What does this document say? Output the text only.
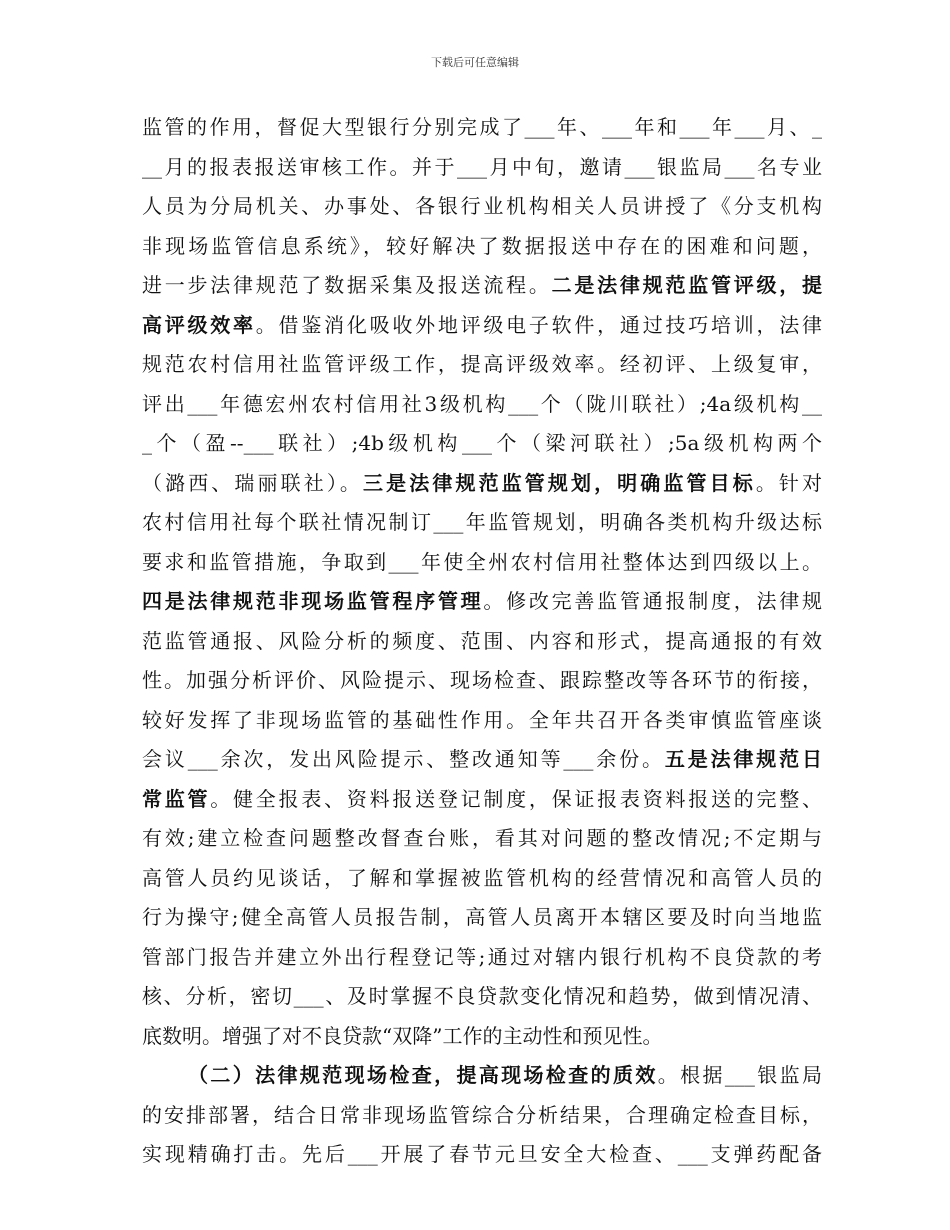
下载后可任意编辑
监管的作用，督促大型银行分别完成了___年、___年和___年___月、_
__月的报表报送审核工作。并于___月中旬，邀请___银监局___名专业
人员为分局机关、办事处、各银行业机构相关人员讲授了《分支机构
非现场监管信息系统》，较好解决了数据报送中存在的困难和问题，
进一步法律规范了数据采集及报送流程。二是法律规范监管评级，提
高评级效率。借鉴消化吸收外地评级电子软件，通过技巧培训，法律
规范农村信用社监管评级工作，提高评级效率。经初评、上级复审，
评出___年德宏州农村信用社3级机构___个（陇川联社）;4a级机构__
_个（盈--___联社）;4b级机构___个（梁河联社）;5a级机构两个
（潞西、瑞丽联社）。三是法律规范监管规划，明确监管目标。针对
农村信用社每个联社情况制订___年监管规划，明确各类机构升级达标
要求和监管措施，争取到___年使全州农村信用社整体达到四级以上。
四是法律规范非现场监管程序管理。修改完善监管通报制度，法律规
范监管通报、风险分析的频度、范围、内容和形式，提高通报的有效
性。加强分析评价、风险提示、现场检查、跟踪整改等各环节的衔接，
较好发挥了非现场监管的基础性作用。全年共召开各类审慎监管座谈
会议___余次，发出风险提示、整改通知等___余份。五是法律规范日
常监管。健全报表、资料报送登记制度，保证报表资料报送的完整、
有效;建立检查问题整改督查台账，看其对问题的整改情况;不定期与
高管人员约见谈话，了解和掌握被监管机构的经营情况和高管人员的
行为操守;健全高管人员报告制，高管人员离开本辖区要及时向当地监
管部门报告并建立外出行程登记等;通过对辖内银行机构不良贷款的考
核、分析，密切___、及时掌握不良贷款变化情况和趋势，做到情况清、
底数明。增强了对不良贷款“双降”工作的主动性和预见性。
（二）法律规范现场检查，提高现场检查的质效。根据___银监局
的安排部署，结合日常非现场监管综合分析结果，合理确定检查目标，
实现精确打击。先后___开展了春节元旦安全大检查、___支弹药配备
